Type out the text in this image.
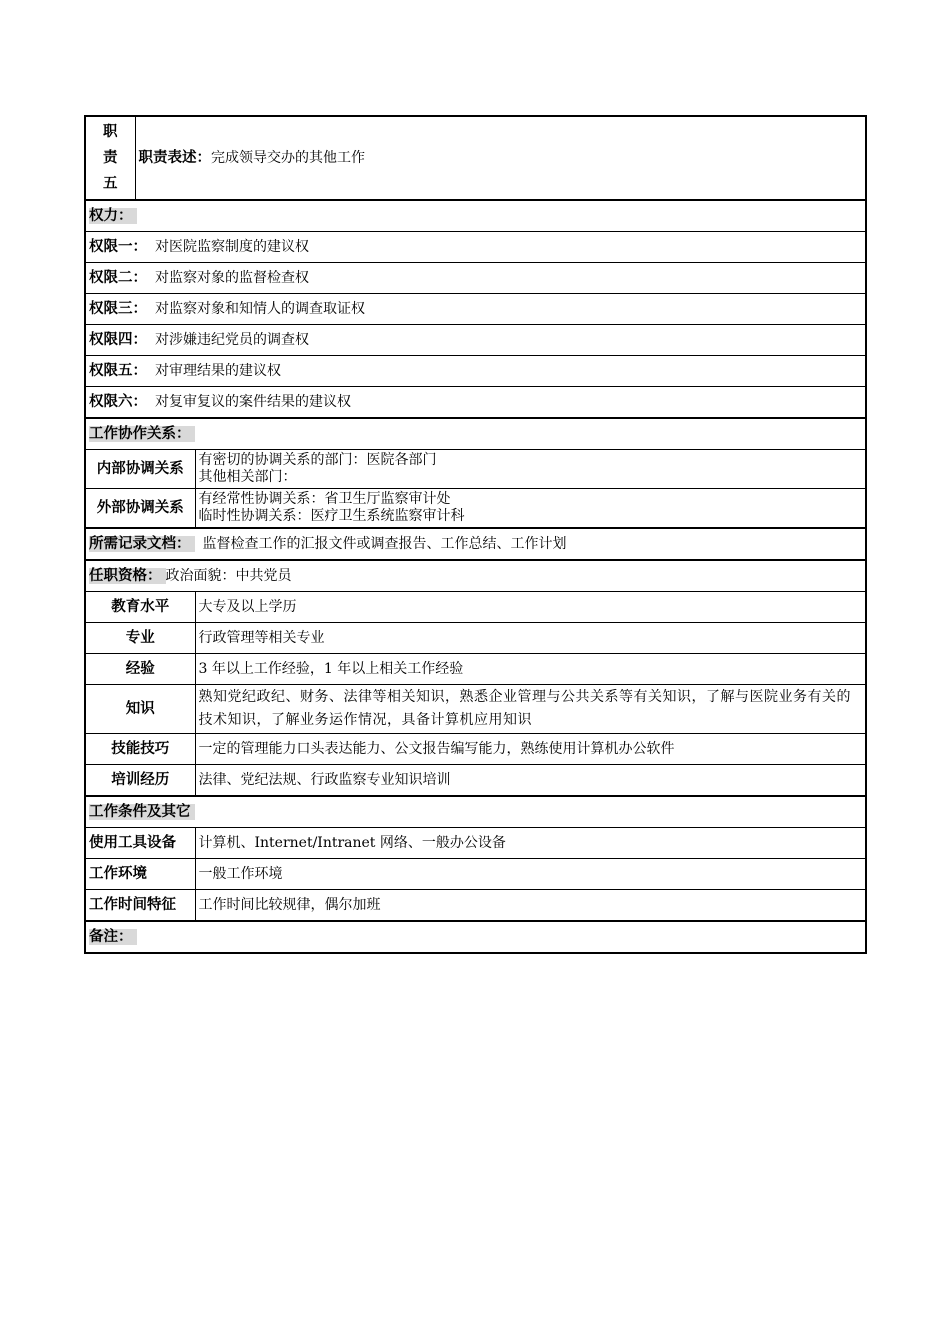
职
责
五	职责表述：完成领导交办的其他工作	
权力：		
权限一： 对医院监察制度的建议权		
权限二： 对监察对象的监督检查权		
权限三： 对监察对象和知情人的调查取证权		
权限四： 对涉嫌违纪党员的调查权		
权限五： 对审理结果的建议权		
权限六： 对复审复议的案件结果的建议权		
工作协作关系：		
内部协调关系		有密切的协调关系的部门：医院各部门
其他相关部门：

外部协调关系		有经常性协调关系：省卫生厅监察审计处
临时性协调关系：医疗卫生系统监察审计科

所需记录文档： 监督检查工作的汇报文件或调查报告、工作总结、工作计划		
任职资格： 政治面貌：中共党员		
教育水平		大专及以上学历
专业		行政管理等相关专业
经验		3 年以上工作经验，1 年以上相关工作经验
知识		熟知党纪政纪、财务、法律等相关知识，熟悉企业管理与公共关系等有关知识，了解与医院业务有关的技术知识，了解业务运作情况，具备计算机应用知识
技能技巧		一定的管理能力口头表达能力、公文报告编写能力，熟练使用计算机办公软件
培训经历		法律、党纪法规、行政监察专业知识培训
工作条件及其它		
使用工具设备		计算机、Internet/Intranet 网络、一般办公设备
工作环境		一般工作环境
工作时间特征		工作时间比较规律，偶尔加班
备注：		
